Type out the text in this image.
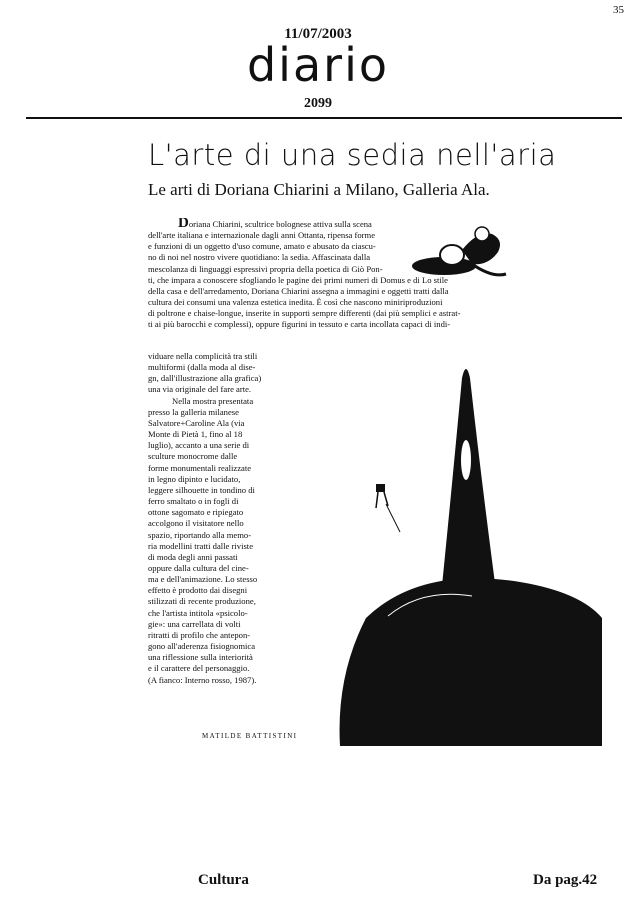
35
11/07/2003
diario
2099
L'arte di una sedia nell'aria
Le arti di Doriana Chiarini a Milano, Galleria Ala.
Doriana Chiarini, scultrice bolognese attiva sulla scena
dell'arte italiana e internazionale dagli anni Ottanta, ripensa forme
e funzioni di un oggetto d'uso comune, amato e abusato da ciascu-
no di noi nel nostro vivere quotidiano: la sedia. Affascinata dalla
mescolanza di linguaggi espressivi propria della poetica di Giò Pon-
ti, che impara a conoscere sfogliando le pagine dei primi numeri di Domus e di Lo stile
della casa e dell'arredamento, Doriana Chiarini assegna a immagini e oggetti tratti dalla
cultura dei consumi una valenza estetica inedita. È così che nascono miniriproduzioni
di poltrone e chaise-longue, inserite in supporti sempre differenti (dai più semplici e astrat-
ti ai più barocchi e complessi), oppure figurini in tessuto e carta incollata capaci di indi-
viduare nella complicità tra stili
multiformi (dalla moda al dise-
gn, dall'illustrazione alla grafica)
una via originale del fare arte.
Nella mostra presentata
presso la galleria milanese
Salvatore+Caroline Ala (via
Monte di Pietà 1, fino al 18
luglio), accanto a una serie di
sculture monocrome dalle
forme monumentali realizzate
in legno dipinto e lucidato,
leggere silhouette in tondino di
ferro smaltato o in fogli di
ottone sagomato e ripiegato
accolgono il visitatore nello
spazio, riportando alla memo-
ria modellini tratti dalle riviste
di moda degli anni passati
oppure dalla cultura del cine-
ma e dell'animazione. Lo stesso
effetto è prodotto dai disegni
stilizzati di recente produzione,
che l'artista intitola «psicolo-
gie»: una carrellata di volti
ritratti di profilo che antepon-
gono all'aderenza fisiognomica
una riflessione sulla interiorità
e il carattere del personaggio.
(A fianco: Interno rosso, 1987).
MATILDE BATTISTINI
Cultura	Da pag.42
